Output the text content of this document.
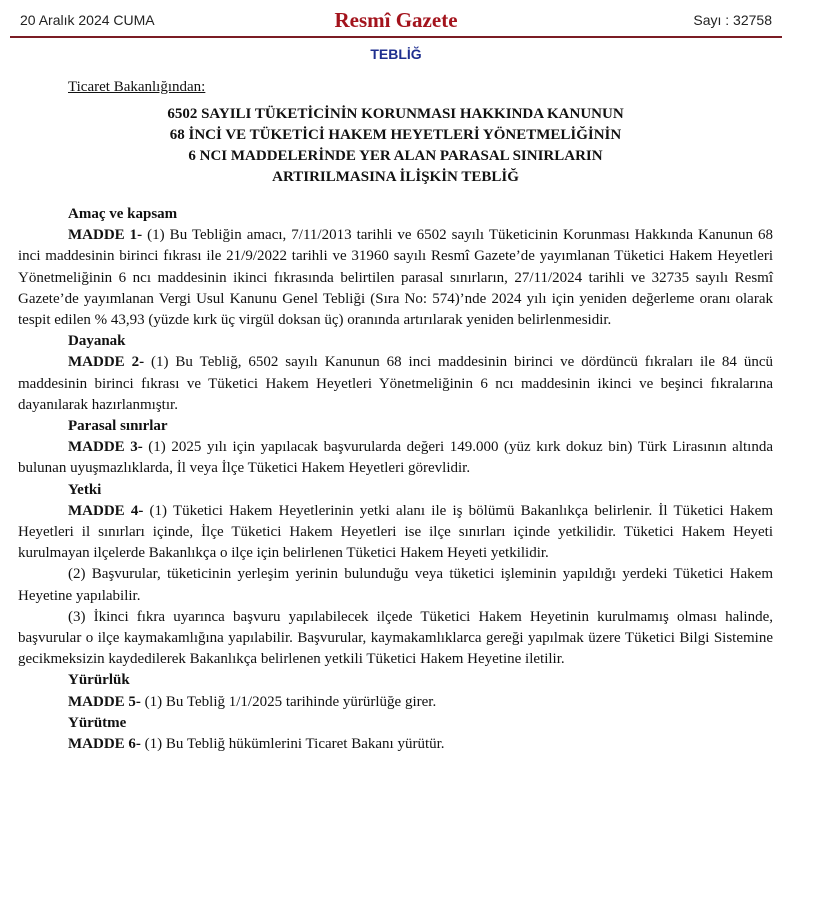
20 Aralık 2024 CUMA	Resmî Gazete	Sayı : 32758
TEBLİĞ
Ticaret Bakanlığından:
6502 SAYILI TÜKETİCİNİN KORUNMASI HAKKINDA KANUNUN
68 İNCİ VE TÜKETİCİ HAKEM HEYETLERİ YÖNETMELİĞİNİN
6 NCI MADDELERİNDE YER ALAN PARASAL SINIRLARIN
ARTIRILMASINA İLİŞKİN TEBLİĞ
Amaç ve kapsam

MADDE 1- (1) Bu Tebliğin amacı, 7/11/2013 tarihli ve 6502 sayılı Tüketicinin Korunması Hakkında Kanunun 68 inci maddesinin birinci fıkrası ile 21/9/2022 tarihli ve 31960 sayılı Resmî Gazete’de yayımlanan Tüketici Hakem Heyetleri Yönetmeliğinin 6 ncı maddesinin ikinci fıkrasında belirtilen parasal sınırların, 27/11/2024 tarihli ve 32735 sayılı Resmî Gazete’de yayımlanan Vergi Usul Kanunu Genel Tebliği (Sıra No: 574)’nde 2024 yılı için yeniden değerleme oranı olarak tespit edilen % 43,93 (yüzde kırk üç virgül doksan üç) oranında artırılarak yeniden belirlenmesidir.

Dayanak

MADDE 2- (1) Bu Tebliğ, 6502 sayılı Kanunun 68 inci maddesinin birinci ve dördüncü fıkraları ile 84 üncü maddesinin birinci fıkrası ve Tüketici Hakem Heyetleri Yönetmeliğinin 6 ncı maddesinin ikinci ve beşinci fıkralarına dayanılarak hazırlanmıştır.

Parasal sınırlar

MADDE 3- (1) 2025 yılı için yapılacak başvurularda değeri 149.000 (yüz kırk dokuz bin) Türk Lirasının altında bulunan uyuşmazlıklarda, İl veya İlçe Tüketici Hakem Heyetleri görevlidir.

Yetki

MADDE 4- (1) Tüketici Hakem Heyetlerinin yetki alanı ile iş bölümü Bakanlıkça belirlenir. İl Tüketici Hakem Heyetleri il sınırları içinde, İlçe Tüketici Hakem Heyetleri ise ilçe sınırları içinde yetkilidir. Tüketici Hakem Heyeti kurulmayan ilçelerde Bakanlıkça o ilçe için belirlenen Tüketici Hakem Heyeti yetkilidir.

(2) Başvurular, tüketicinin yerleşim yerinin bulunduğu veya tüketici işleminin yapıldığı yerdeki Tüketici Hakem Heyetine yapılabilir.

(3) İkinci fıkra uyarınca başvuru yapılabilecek ilçede Tüketici Hakem Heyetinin kurulmamış olması halinde, başvurular o ilçe kaymakamlığına yapılabilir. Başvurular, kaymakamlıklarca gereği yapılmak üzere Tüketici Bilgi Sistemine gecikmeksizin kaydedilerek Bakanlıkça belirlenen yetkili Tüketici Hakem Heyetine iletilir.

Yürürlük

MADDE 5- (1) Bu Tebliğ 1/1/2025 tarihinde yürürlüğe girer.

Yürütme

MADDE 6- (1) Bu Tebliğ hükümlerini Ticaret Bakanı yürütür.
